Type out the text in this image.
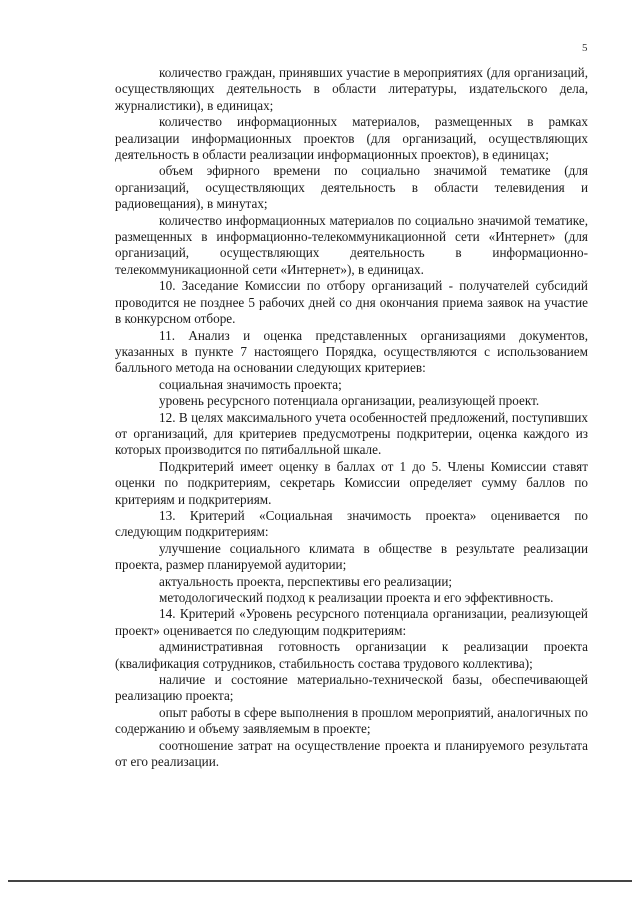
5

количество граждан, принявших участие в мероприятиях (для организаций, осуществляющих деятельность в области литературы, издательского дела, журналистики), в единицах;

количество информационных материалов, размещенных в рамках реализации информационных проектов (для организаций, осуществляющих деятельность в области реализации информационных проектов), в единицах;

объем эфирного времени по социально значимой тематике (для организаций, осуществляющих деятельность в области телевидения и радиовещания), в минутах;

количество информационных материалов по социально значимой тематике, размещенных в информационно-телекоммуникационной сети «Интернет» (для организаций, осуществляющих деятельность в информационно-телекоммуникационной сети «Интернет»), в единицах.

10. Заседание Комиссии по отбору организаций - получателей субсидий проводится не позднее 5 рабочих дней со дня окончания приема заявок на участие в конкурсном отборе.

11. Анализ и оценка представленных организациями документов, указанных в пункте 7 настоящего Порядка, осуществляются с использованием балльного метода на основании следующих критериев:

социальная значимость проекта;

уровень ресурсного потенциала организации, реализующей проект.

12. В целях максимального учета особенностей предложений, поступивших от организаций, для критериев предусмотрены подкритерии, оценка каждого из которых производится по пятибалльной шкале.

Подкритерий имеет оценку в баллах от 1 до 5. Члены Комиссии ставят оценки по подкритериям, секретарь Комиссии определяет сумму баллов по критериям и подкритериям.

13. Критерий «Социальная значимость проекта» оценивается по следующим подкритериям:

улучшение социального климата в обществе в результате реализации проекта, размер планируемой аудитории;

актуальность проекта, перспективы его реализации;

методологический подход к реализации проекта и его эффективность.

14. Критерий «Уровень ресурсного потенциала организации, реализующей проект» оценивается по следующим подкритериям:

административная готовность организации к реализации проекта (квалификация сотрудников, стабильность состава трудового коллектива);

наличие и состояние материально-технической базы, обеспечивающей реализацию проекта;

опыт работы в сфере выполнения в прошлом мероприятий, аналогичных по содержанию и объему заявляемым в проекте;

соотношение затрат на осуществление проекта и планируемого результата от его реализации.
